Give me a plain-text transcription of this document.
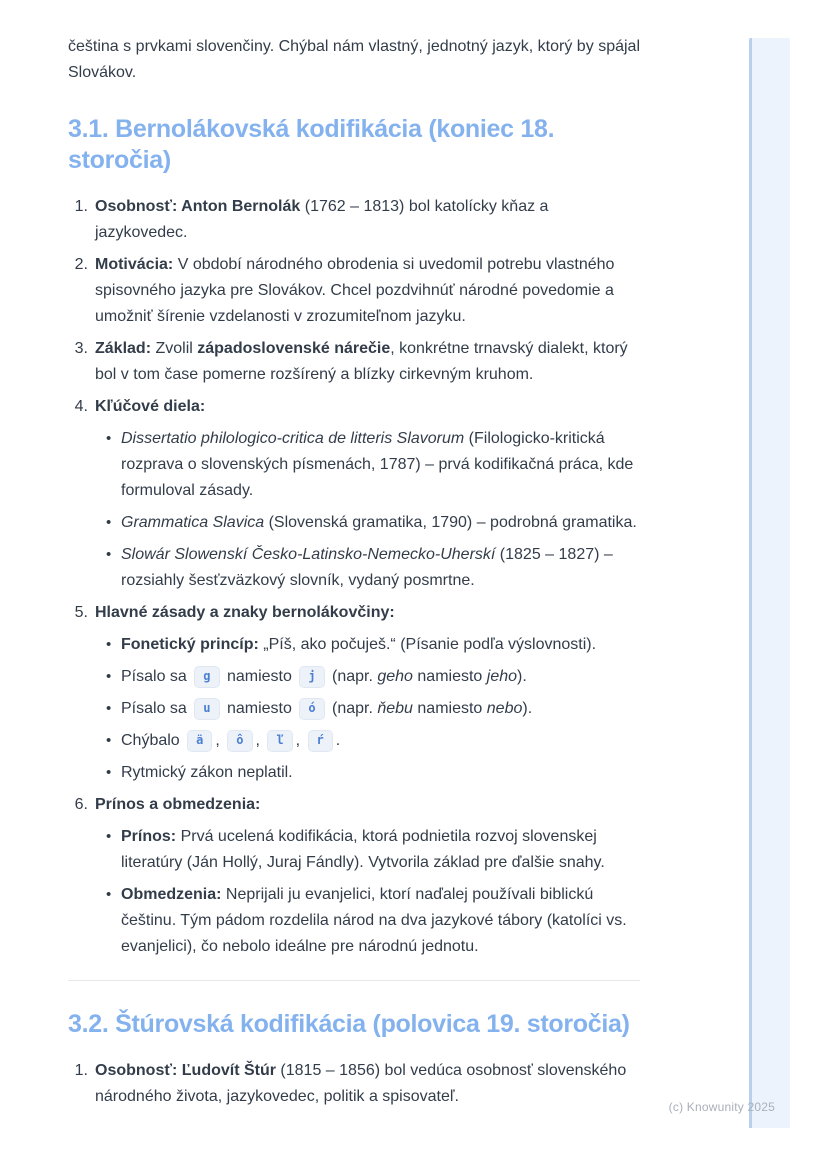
čeština s prvkami slovenčiny. Chýbal nám vlastný, jednotný jazyk, ktorý by spájal Slovákov.

3.1. Bernolákovská kodifikácia (koniec 18. storočia)
1. Osobnosť: Anton Bernolák (1762 – 1813) bol katolícky kňaz a jazykovedec.
2. Motivácia: V období národného obrodenia si uvedomil potrebu vlastného spisovného jazyka pre Slovákov. Chcel pozdvihnúť národné povedomie a umožniť šírenie vzdelanosti v zrozumiteľnom jazyku.
3. Základ: Zvolil západoslovenské nárečie, konkrétne trnavský dialekt, ktorý bol v tom čase pomerne rozšírený a blízky cirkevným kruhom.
4. Kľúčové diela:
• Dissertatio philologico-critica de litteris Slavorum (Filologicko-kritická rozprava o slovenských písmenách, 1787) – prvá kodifikačná práca, kde formuloval zásady.
• Grammatica Slavica (Slovenská gramatika, 1790) – podrobná gramatika.
• Slowár Slowenskí Česko-Latinsko-Nemecko-Uherskí (1825 – 1827) – rozsiahly šesťzväzkový slovník, vydaný posmrtne.
5. Hlavné zásady a znaky bernolákovčiny:
• Fonetický princíp: „Píš, ako počuješ.“ (Písanie podľa výslovnosti).
• Písalo sa g namiesto j (napr. geho namiesto jeho).
• Písalo sa u namiesto ó (napr. ňebu namiesto nebo).
• Chýbalo ä , ô , ľ , ŕ .
• Rytmický zákon neplatil.
6. Prínos a obmedzenia:
• Prínos: Prvá ucelená kodifikácia, ktorá podnietila rozvoj slovenskej literatúry (Ján Hollý, Juraj Fándly). Vytvorila základ pre ďalšie snahy.
• Obmedzenia: Neprijali ju evanjelici, ktorí naďalej používali biblickú češtinu. Tým pádom rozdelila národ na dva jazykové tábory (katolíci vs. evanjelici), čo nebolo ideálne pre národnú jednotu.
3.2. Štúrovská kodifikácia (polovica 19. storočia)
1. Osobnosť: Ľudovít Štúr (1815 – 1856) bol vedúca osobnosť slovenského národného života, jazykovedec, politik a spisovateľ.
(c) Knowunity 2025
